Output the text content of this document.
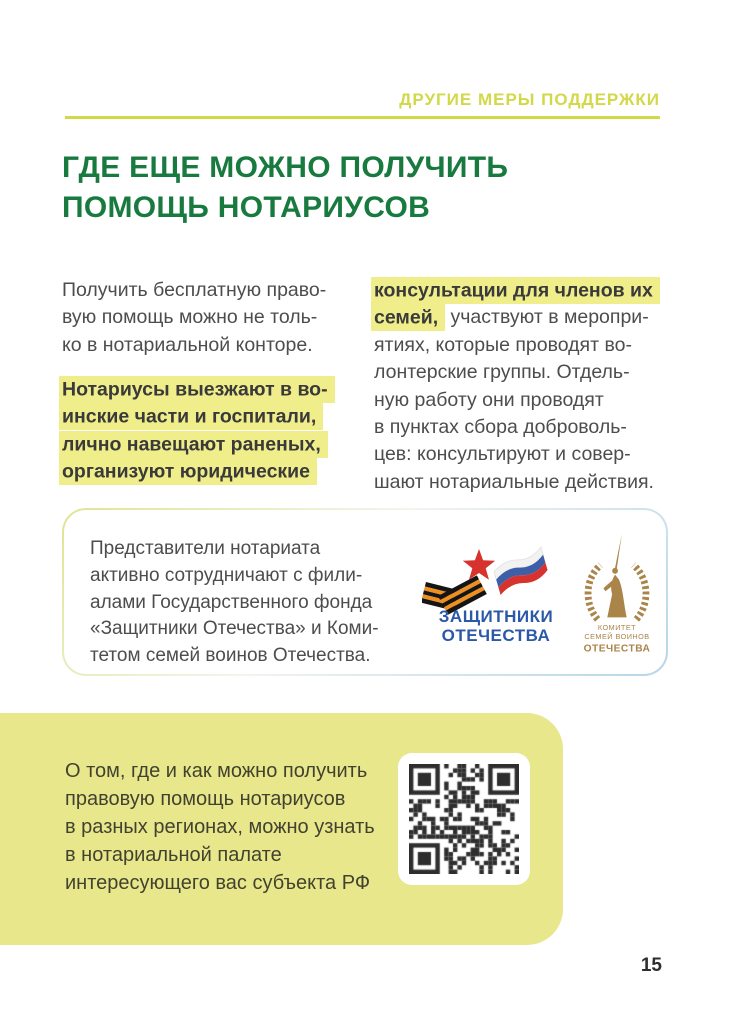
ДРУГИЕ МЕРЫ ПОДДЕРЖКИ
ГДЕ ЕЩЕ МОЖНО ПОЛУЧИТЬ
ПОМОЩЬ НОТАРИУСОВ

Получить бесплатную право-
вую помощь можно не толь-
ко в нотариальной конторе.

Нотариусы выезжают в во-
инские части и госпитали,
лично навещают раненых,
организуют юридические

консультации для членов их
семей, участвуют в меропри-
ятиях, которые проводят во-
лонтерские группы. Отдель-
ную работу они проводят
в пунктах сбора доброволь-
цев: консультируют и совер-
шают нотариальные действия.

Представители нотариата
активно сотрудничают с фили-
алами Государственного фонда
«Защитники Отечества» и Коми-
тетом семей воинов Отечества.
ЗАЩИТНИКИ
ОТЕЧЕСТВА	КОМИТЕТ
СЕМЕЙ ВОИНОВ
ОТЕЧЕСТВА
О том, где и как можно получить
правовую помощь нотариусов
в разных регионах, можно узнать
в нотариальной палате
интересующего вас субъекта РФ
15
